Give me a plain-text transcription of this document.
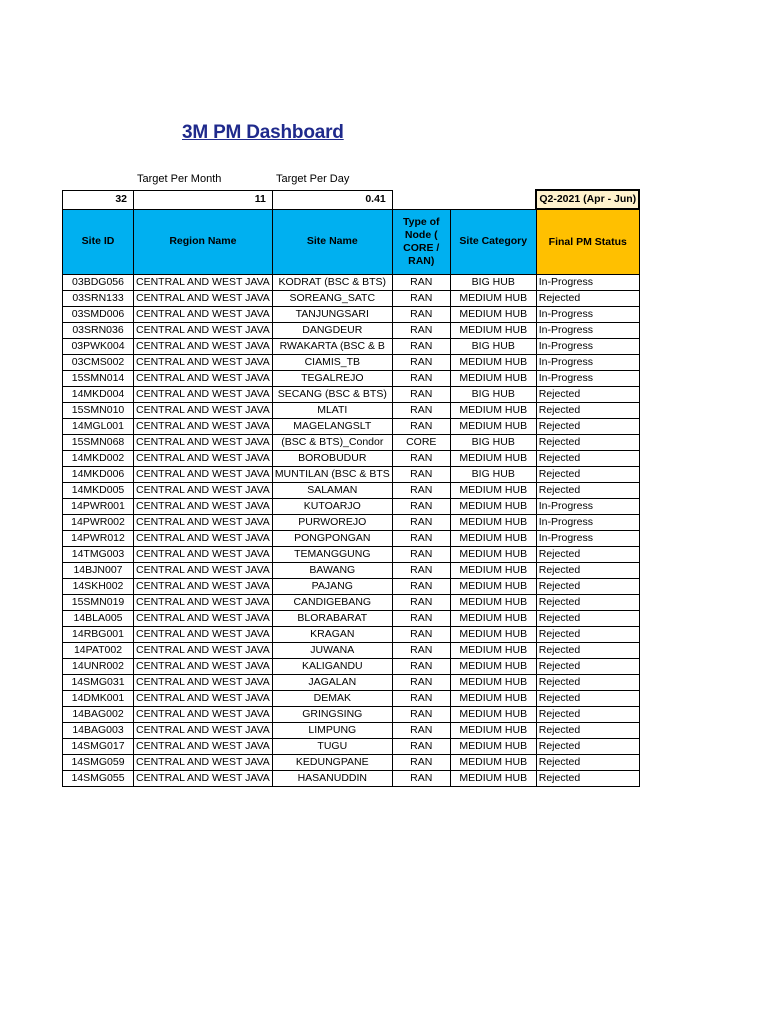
3M PM Dashboard
Target Per Month	Target Per Day
32	11	0.41			Q2-2021 (Apr - Jun)
Site ID	Region Name	Site Name	Type of Node ( CORE / RAN)	Site Category	Final PM Status
03BDG056	CENTRAL AND WEST JAVA	KODRAT (BSC & BTS)	RAN	BIG HUB	In-Progress
03SRN133	CENTRAL AND WEST JAVA	SOREANG_SATC	RAN	MEDIUM HUB	Rejected
03SMD006	CENTRAL AND WEST JAVA	TANJUNGSARI	RAN	MEDIUM HUB	In-Progress
03SRN036	CENTRAL AND WEST JAVA	DANGDEUR	RAN	MEDIUM HUB	In-Progress
03PWK004	CENTRAL AND WEST JAVA	RWAKARTA (BSC & B	RAN	BIG HUB	In-Progress
03CMS002	CENTRAL AND WEST JAVA	CIAMIS_TB	RAN	MEDIUM HUB	In-Progress
15SMN014	CENTRAL AND WEST JAVA	TEGALREJO	RAN	MEDIUM HUB	In-Progress
14MKD004	CENTRAL AND WEST JAVA	SECANG (BSC & BTS)	RAN	BIG HUB	Rejected
15SMN010	CENTRAL AND WEST JAVA	MLATI	RAN	MEDIUM HUB	Rejected
14MGL001	CENTRAL AND WEST JAVA	MAGELANGSLT	RAN	MEDIUM HUB	Rejected
15SMN068	CENTRAL AND WEST JAVA	(BSC & BTS)_Condor	CORE	BIG HUB	Rejected
14MKD002	CENTRAL AND WEST JAVA	BOROBUDUR	RAN	MEDIUM HUB	Rejected
14MKD006	CENTRAL AND WEST JAVA	MUNTILAN (BSC & BTS	RAN	BIG HUB	Rejected
14MKD005	CENTRAL AND WEST JAVA	SALAMAN	RAN	MEDIUM HUB	Rejected
14PWR001	CENTRAL AND WEST JAVA	KUTOARJO	RAN	MEDIUM HUB	In-Progress
14PWR002	CENTRAL AND WEST JAVA	PURWOREJO	RAN	MEDIUM HUB	In-Progress
14PWR012	CENTRAL AND WEST JAVA	PONGPONGAN	RAN	MEDIUM HUB	In-Progress
14TMG003	CENTRAL AND WEST JAVA	TEMANGGUNG	RAN	MEDIUM HUB	Rejected
14BJN007	CENTRAL AND WEST JAVA	BAWANG	RAN	MEDIUM HUB	Rejected
14SKH002	CENTRAL AND WEST JAVA	PAJANG	RAN	MEDIUM HUB	Rejected
15SMN019	CENTRAL AND WEST JAVA	CANDIGEBANG	RAN	MEDIUM HUB	Rejected
14BLA005	CENTRAL AND WEST JAVA	BLORABARAT	RAN	MEDIUM HUB	Rejected
14RBG001	CENTRAL AND WEST JAVA	KRAGAN	RAN	MEDIUM HUB	Rejected
14PAT002	CENTRAL AND WEST JAVA	JUWANA	RAN	MEDIUM HUB	Rejected
14UNR002	CENTRAL AND WEST JAVA	KALIGANDU	RAN	MEDIUM HUB	Rejected
14SMG031	CENTRAL AND WEST JAVA	JAGALAN	RAN	MEDIUM HUB	Rejected
14DMK001	CENTRAL AND WEST JAVA	DEMAK	RAN	MEDIUM HUB	Rejected
14BAG002	CENTRAL AND WEST JAVA	GRINGSING	RAN	MEDIUM HUB	Rejected
14BAG003	CENTRAL AND WEST JAVA	LIMPUNG	RAN	MEDIUM HUB	Rejected
14SMG017	CENTRAL AND WEST JAVA	TUGU	RAN	MEDIUM HUB	Rejected
14SMG059	CENTRAL AND WEST JAVA	KEDUNGPANE	RAN	MEDIUM HUB	Rejected
14SMG055	CENTRAL AND WEST JAVA	HASANUDDIN	RAN	MEDIUM HUB	Rejected
